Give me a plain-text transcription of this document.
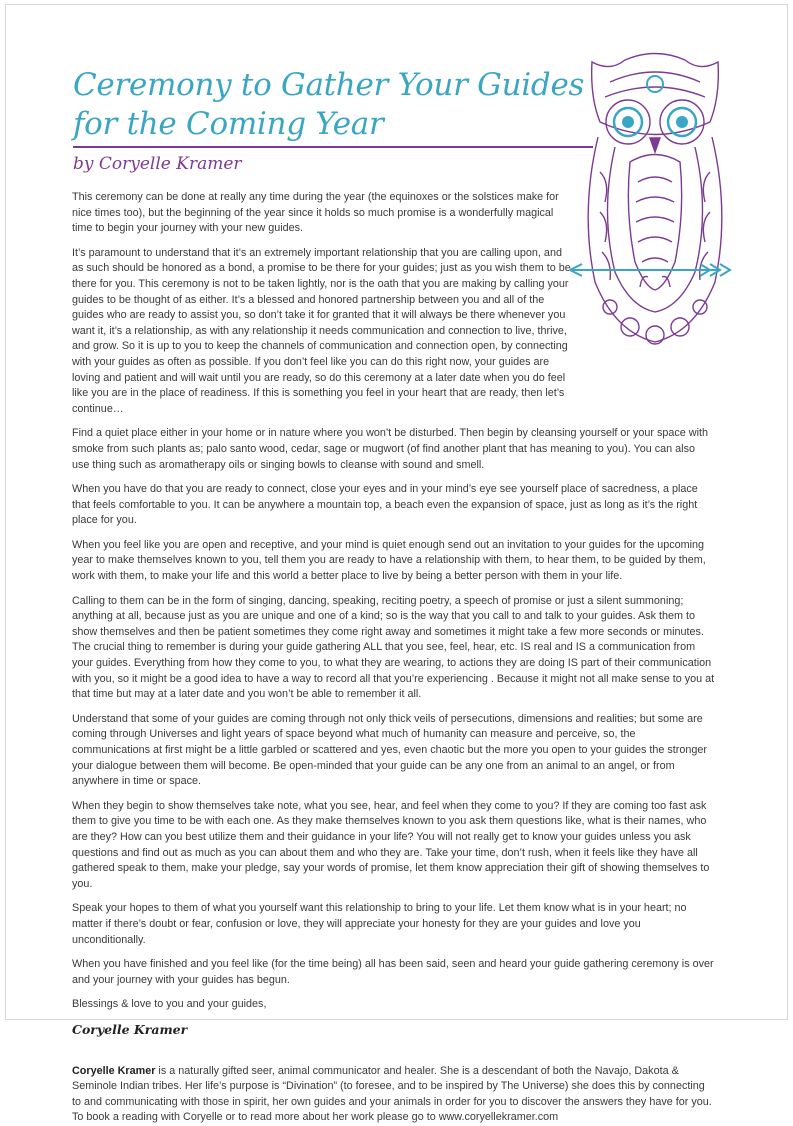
Ceremony to Gather Your Guides
for the Coming Year

by Coryelle Kramer

This ceremony can be done at really any time during the year (the equinoxes or the solstices make for nice times too), but the beginning of the year since it holds so much promise is a wonderfully magical time to begin your journey with your new guides.

It’s paramount to understand that it’s an extremely important relationship that you are calling upon, and as such should be honored as a bond, a promise to be there for your guides; just as you wish them to be there for you. This ceremony is not to be taken lightly, nor is the oath that you are making by calling your guides to be thought of as either. It’s a blessed and honored partnership between you and all of the guides who are ready to assist you, so don’t take it for granted that it will always be there whenever you want it, it’s a relationship, as with any relationship it needs communication and connection to live, thrive, and grow. So it is up to you to keep the channels of communication and connection open, by connecting with your guides as often as possible. If you don’t feel like you can do this right now, your guides are loving and patient and will wait until you are ready, so do this ceremony at a later date when you do feel like you are in the place of readiness. If this is something you feel in your heart that are ready, then let’s continue…

Find a quiet place either in your home or in nature where you won’t be disturbed. Then begin by cleansing yourself or your space with smoke from such plants as; palo santo wood, cedar, sage or mugwort (of find another plant that has meaning to you). You can also use thing such as aromatherapy oils or singing bowls to cleanse with sound and smell.

When you have do that you are ready to connect, close your eyes and in your mind’s eye see yourself place of sacredness, a place that feels comfortable to you. It can be anywhere a mountain top, a beach even the expansion of space, just as long as it’s the right place for you.

When you feel like you are open and receptive, and your mind is quiet enough send out an invitation to your guides for the upcoming year to make themselves known to you, tell them you are ready to have a relationship with them, to hear them, to be guided by them, work with them, to make your life and this world a better place to live by being a better person with them in your life.

Calling to them can be in the form of singing, dancing, speaking, reciting poetry, a speech of promise or just a silent summoning; anything at all, because just as you are unique and one of a kind; so is the way that you call to and talk to your guides. Ask them to show themselves and then be patient sometimes they come right away and sometimes it might take a few more seconds or minutes. The crucial thing to remember is during your guide gathering ALL that you see, feel, hear, etc. IS real and IS a communication from your guides. Everything from how they come to you, to what they are wearing, to actions they are doing IS part of their communication with you, so it might be a good idea to have a way to record all that you’re experiencing . Because it might not all make sense to you at that time but may at a later date and you won’t be able to remember it all.

Understand that some of your guides are coming through not only thick veils of persecutions, dimensions and realities; but some are coming through Universes and light years of space beyond what much of humanity can measure and perceive, so, the communications at first might be a little garbled or scattered and yes, even chaotic but the more you open to your guides the stronger your dialogue between them will become. Be open-minded that your guide can be any one from an animal to an angel, or from anywhere in time or space.

When they begin to show themselves take note, what you see, hear, and feel when they come to you? If they are coming too fast ask them to give you time to be with each one. As they make themselves known to you ask them questions like, what is their names, who are they? How can you best utilize them and their guidance in your life? You will not really get to know your guides unless you ask questions and find out as much as you can about them and who they are. Take your time, don’t rush, when it feels like they have all gathered speak to them, make your pledge, say your words of promise, let them know appreciation their gift of showing themselves to you.

Speak your hopes to them of what you yourself want this relationship to bring to your life. Let them know what is in your heart; no matter if there’s doubt or fear, confusion or love, they will appreciate your honesty for they are your guides and love you unconditionally.

When you have finished and you feel like (for the time being) all has been said, seen and heard your guide gathering ceremony is over and your journey with your guides has begun.

Blessings & love to you and your guides,

Coryelle Kramer

Coryelle Kramer is a naturally gifted seer, animal communicator and healer. She is a descendant of both the Navajo, Dakota & Seminole Indian tribes. Her life’s purpose is “Divination” (to foresee, and to be inspired by The Universe) she does this by connecting to and communicating with those in spirit, her own guides and your animals in order for you to discover the answers they have for you. To book a reading with Coryelle or to read more about her work please go to www.coryellekramer.com
